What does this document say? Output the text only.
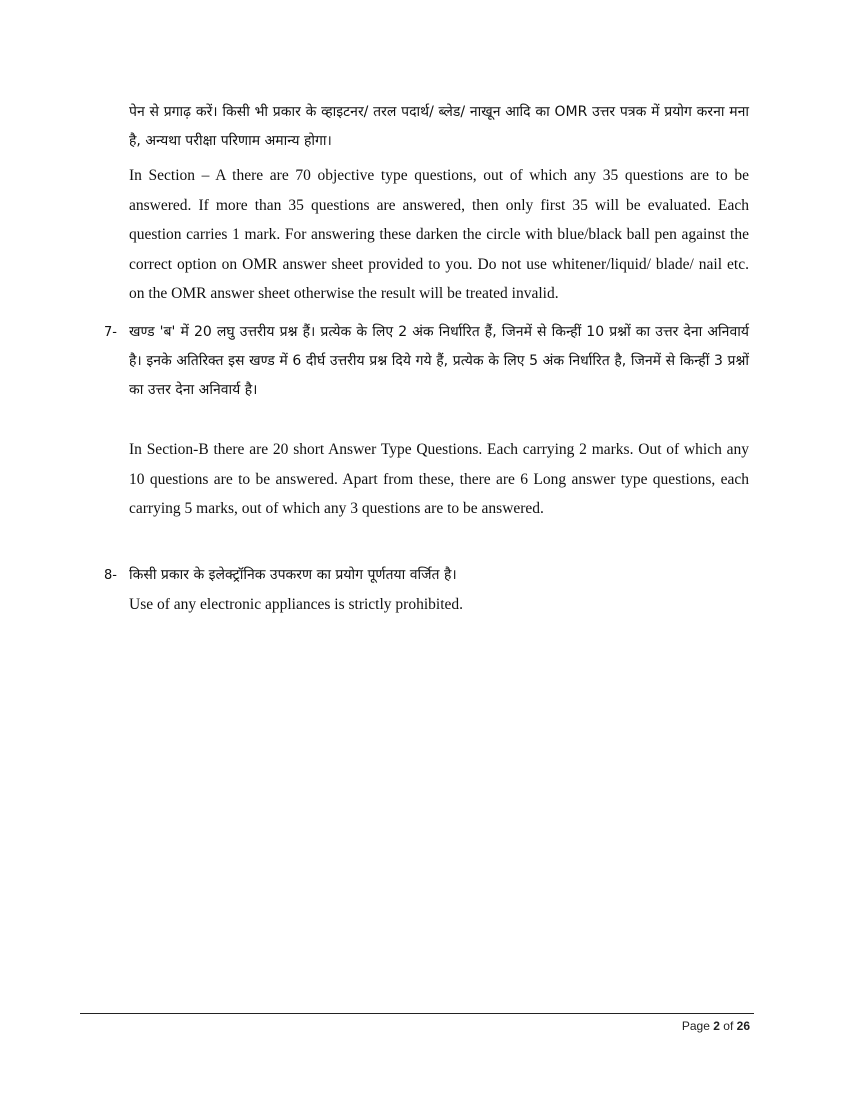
पेन से प्रगाढ़ करें। किसी भी प्रकार के व्हाइटनर/ तरल पदार्थ/ ब्लेड/ नाखून आदि का OMR उत्तर पत्रक में प्रयोग करना मना है, अन्यथा परीक्षा परिणाम अमान्य होगा।
In Section – A there are 70 objective type questions, out of which any 35 questions are to be answered. If more than 35 questions are answered, then only first 35 will be evaluated. Each question carries 1 mark. For answering these darken the circle with blue/black ball pen against the correct option on OMR answer sheet provided to you. Do not use whitener/liquid/ blade/ nail etc. on the OMR answer sheet otherwise the result will be treated invalid.
7- खण्ड 'ब' में 20 लघु उत्तरीय प्रश्न हैं। प्रत्येक के लिए 2 अंक निर्धारित हैं, जिनमें से किन्हीं 10 प्रश्नों का उत्तर देना अनिवार्य है। इनके अतिरिक्त इस खण्ड में 6 दीर्घ उत्तरीय प्रश्न दिये गये हैं, प्रत्येक के लिए 5 अंक निर्धारित है, जिनमें से किन्हीं 3 प्रश्नों का उत्तर देना अनिवार्य है।
In Section-B there are 20 short Answer Type Questions. Each carrying 2 marks. Out of which any 10 questions are to be answered. Apart from these, there are 6 Long answer type questions, each carrying 5 marks, out of which any 3 questions are to be answered.
8- किसी प्रकार के इलेक्ट्रॉनिक उपकरण का प्रयोग पूर्णतया वर्जित है।
Use of any electronic appliances is strictly prohibited.
Page 2 of 26
